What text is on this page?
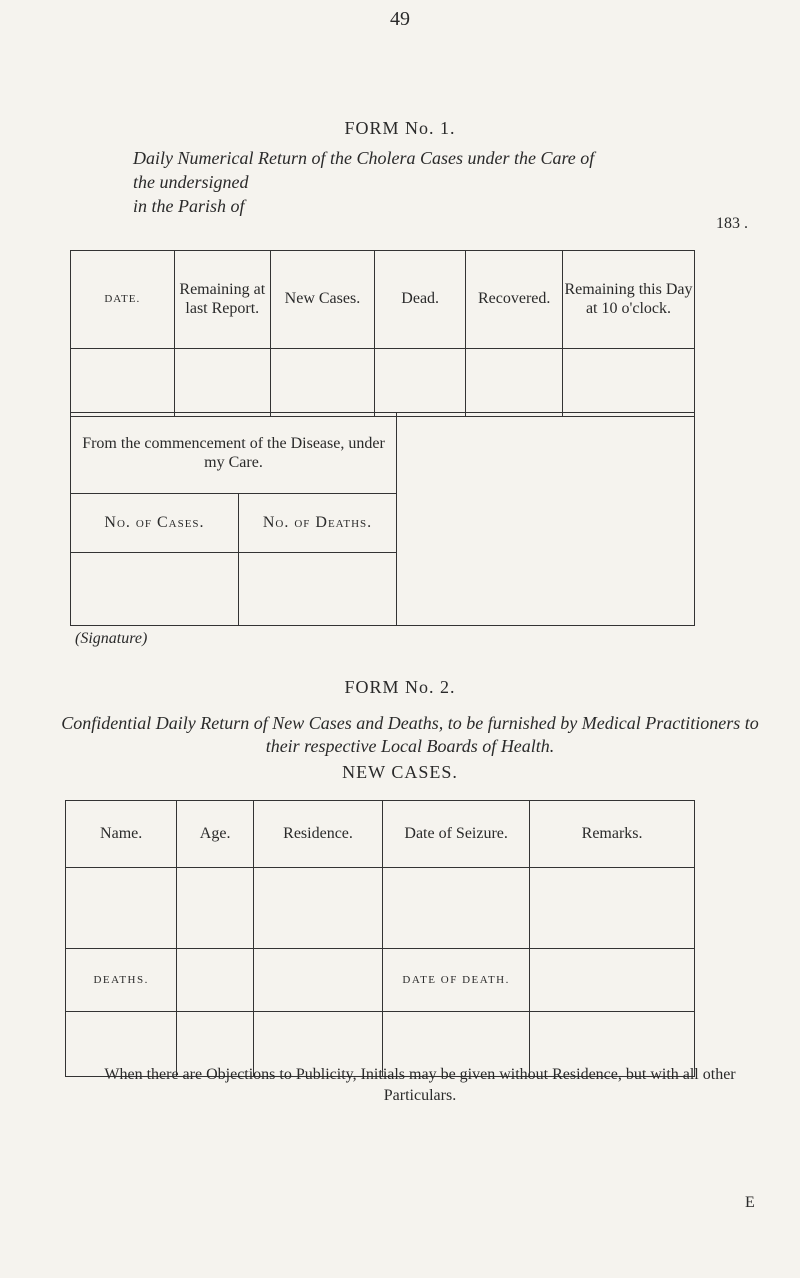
49
FORM No. 1.
Daily Numerical Return of the Cholera Cases under the Care of
the undersigned
in the Parish of
183 .
DATE.	Remaining at last Report.	New Cases.	Dead.	Recovered.	Remaining this Day at 10 o'clock.

From the commencement of the Disease, under my Care.		
No. of Cases.	No. of Deaths.	

(Signature)
FORM No. 2.
Confidential Daily Return of New Cases and Deaths, to be furnished by Medical Practitioners to their respective Local Boards of Health.
NEW CASES.
Name.	Age.	Residence.	Date of Seizure.	Remarks.

DEATHS.			DATE OF DEATH.	

When there are Objections to Publicity, Initials may be given without Residence, but with all other Particulars.
E
